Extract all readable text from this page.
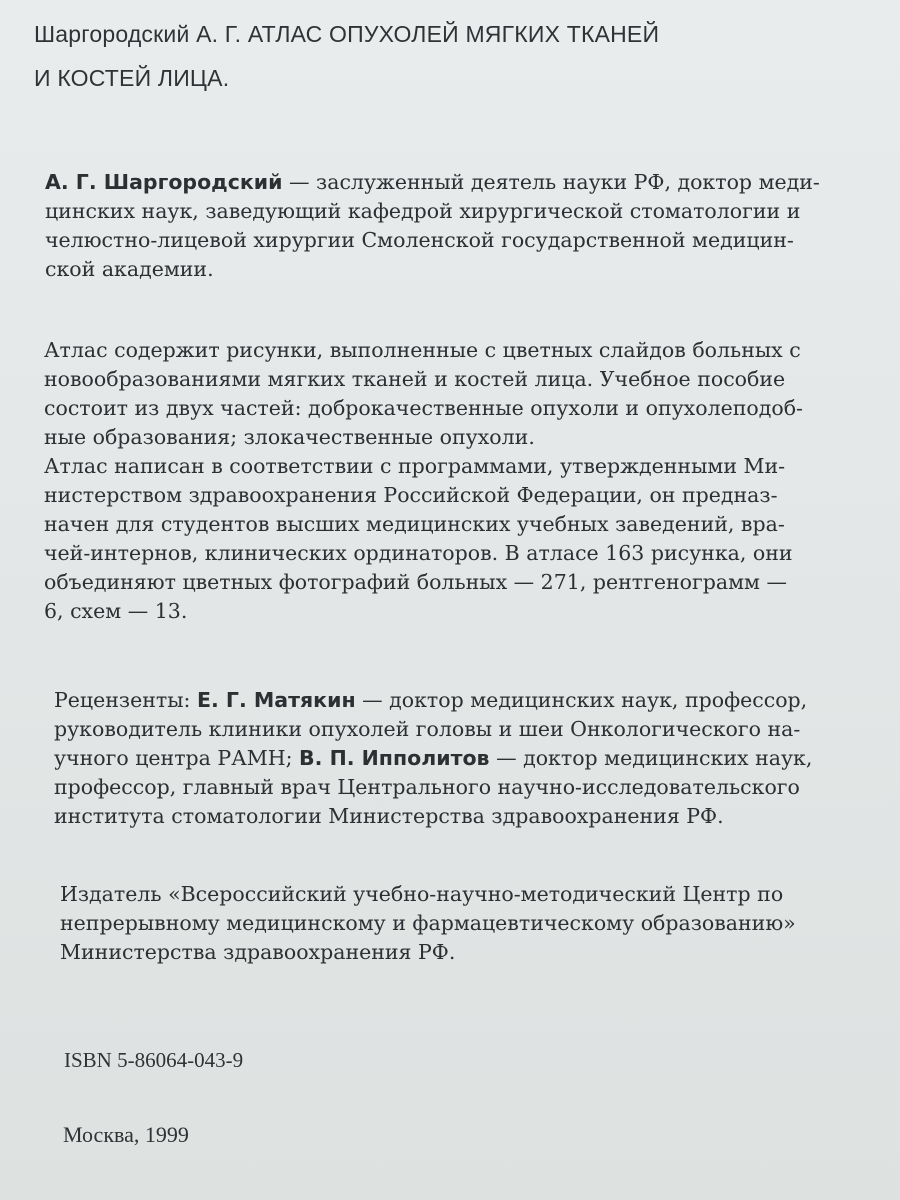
Шаргородский А. Г. АТЛАС ОПУХОЛЕЙ МЯГКИХ ТКАНЕЙ
И КОСТЕЙ ЛИЦА.
А. Г. Шаргородский — заслуженный деятель науки РФ, доктор меди-
цинских наук, заведующий кафедрой хирургической стоматологии и
челюстно-лицевой хирургии Смоленской государственной медицин-
ской академии.
Атлас содержит рисунки, выполненные с цветных слайдов больных с
новообразованиями мягких тканей и костей лица. Учебное пособие
состоит из двух частей: доброкачественные опухоли и опухолеподоб-
ные образования; злокачественные опухоли.
Атлас написан в соответствии с программами, утвержденными Ми-
нистерством здравоохранения Российской Федерации, он предназ-
начен для студентов высших медицинских учебных заведений, вра-
чей-интернов, клинических ординаторов. В атласе 163 рисунка, они
объединяют цветных фотографий больных — 271, рентгенограмм —
6, схем — 13.
Рецензенты: Е. Г. Матякин — доктор медицинских наук, профессор,
руководитель клиники опухолей головы и шеи Онкологического на-
учного центра РАМН; В. П. Ипполитов — доктор медицинских наук,
профессор, главный врач Центрального научно-исследовательского
института стоматологии Министерства здравоохранения РФ.
Издатель «Всероссийский учебно-научно-методический Центр по
непрерывному медицинскому и фармацевтическому образованию»
Министерства здравоохранения РФ.
ISBN 5-86064-043-9
Москва, 1999
